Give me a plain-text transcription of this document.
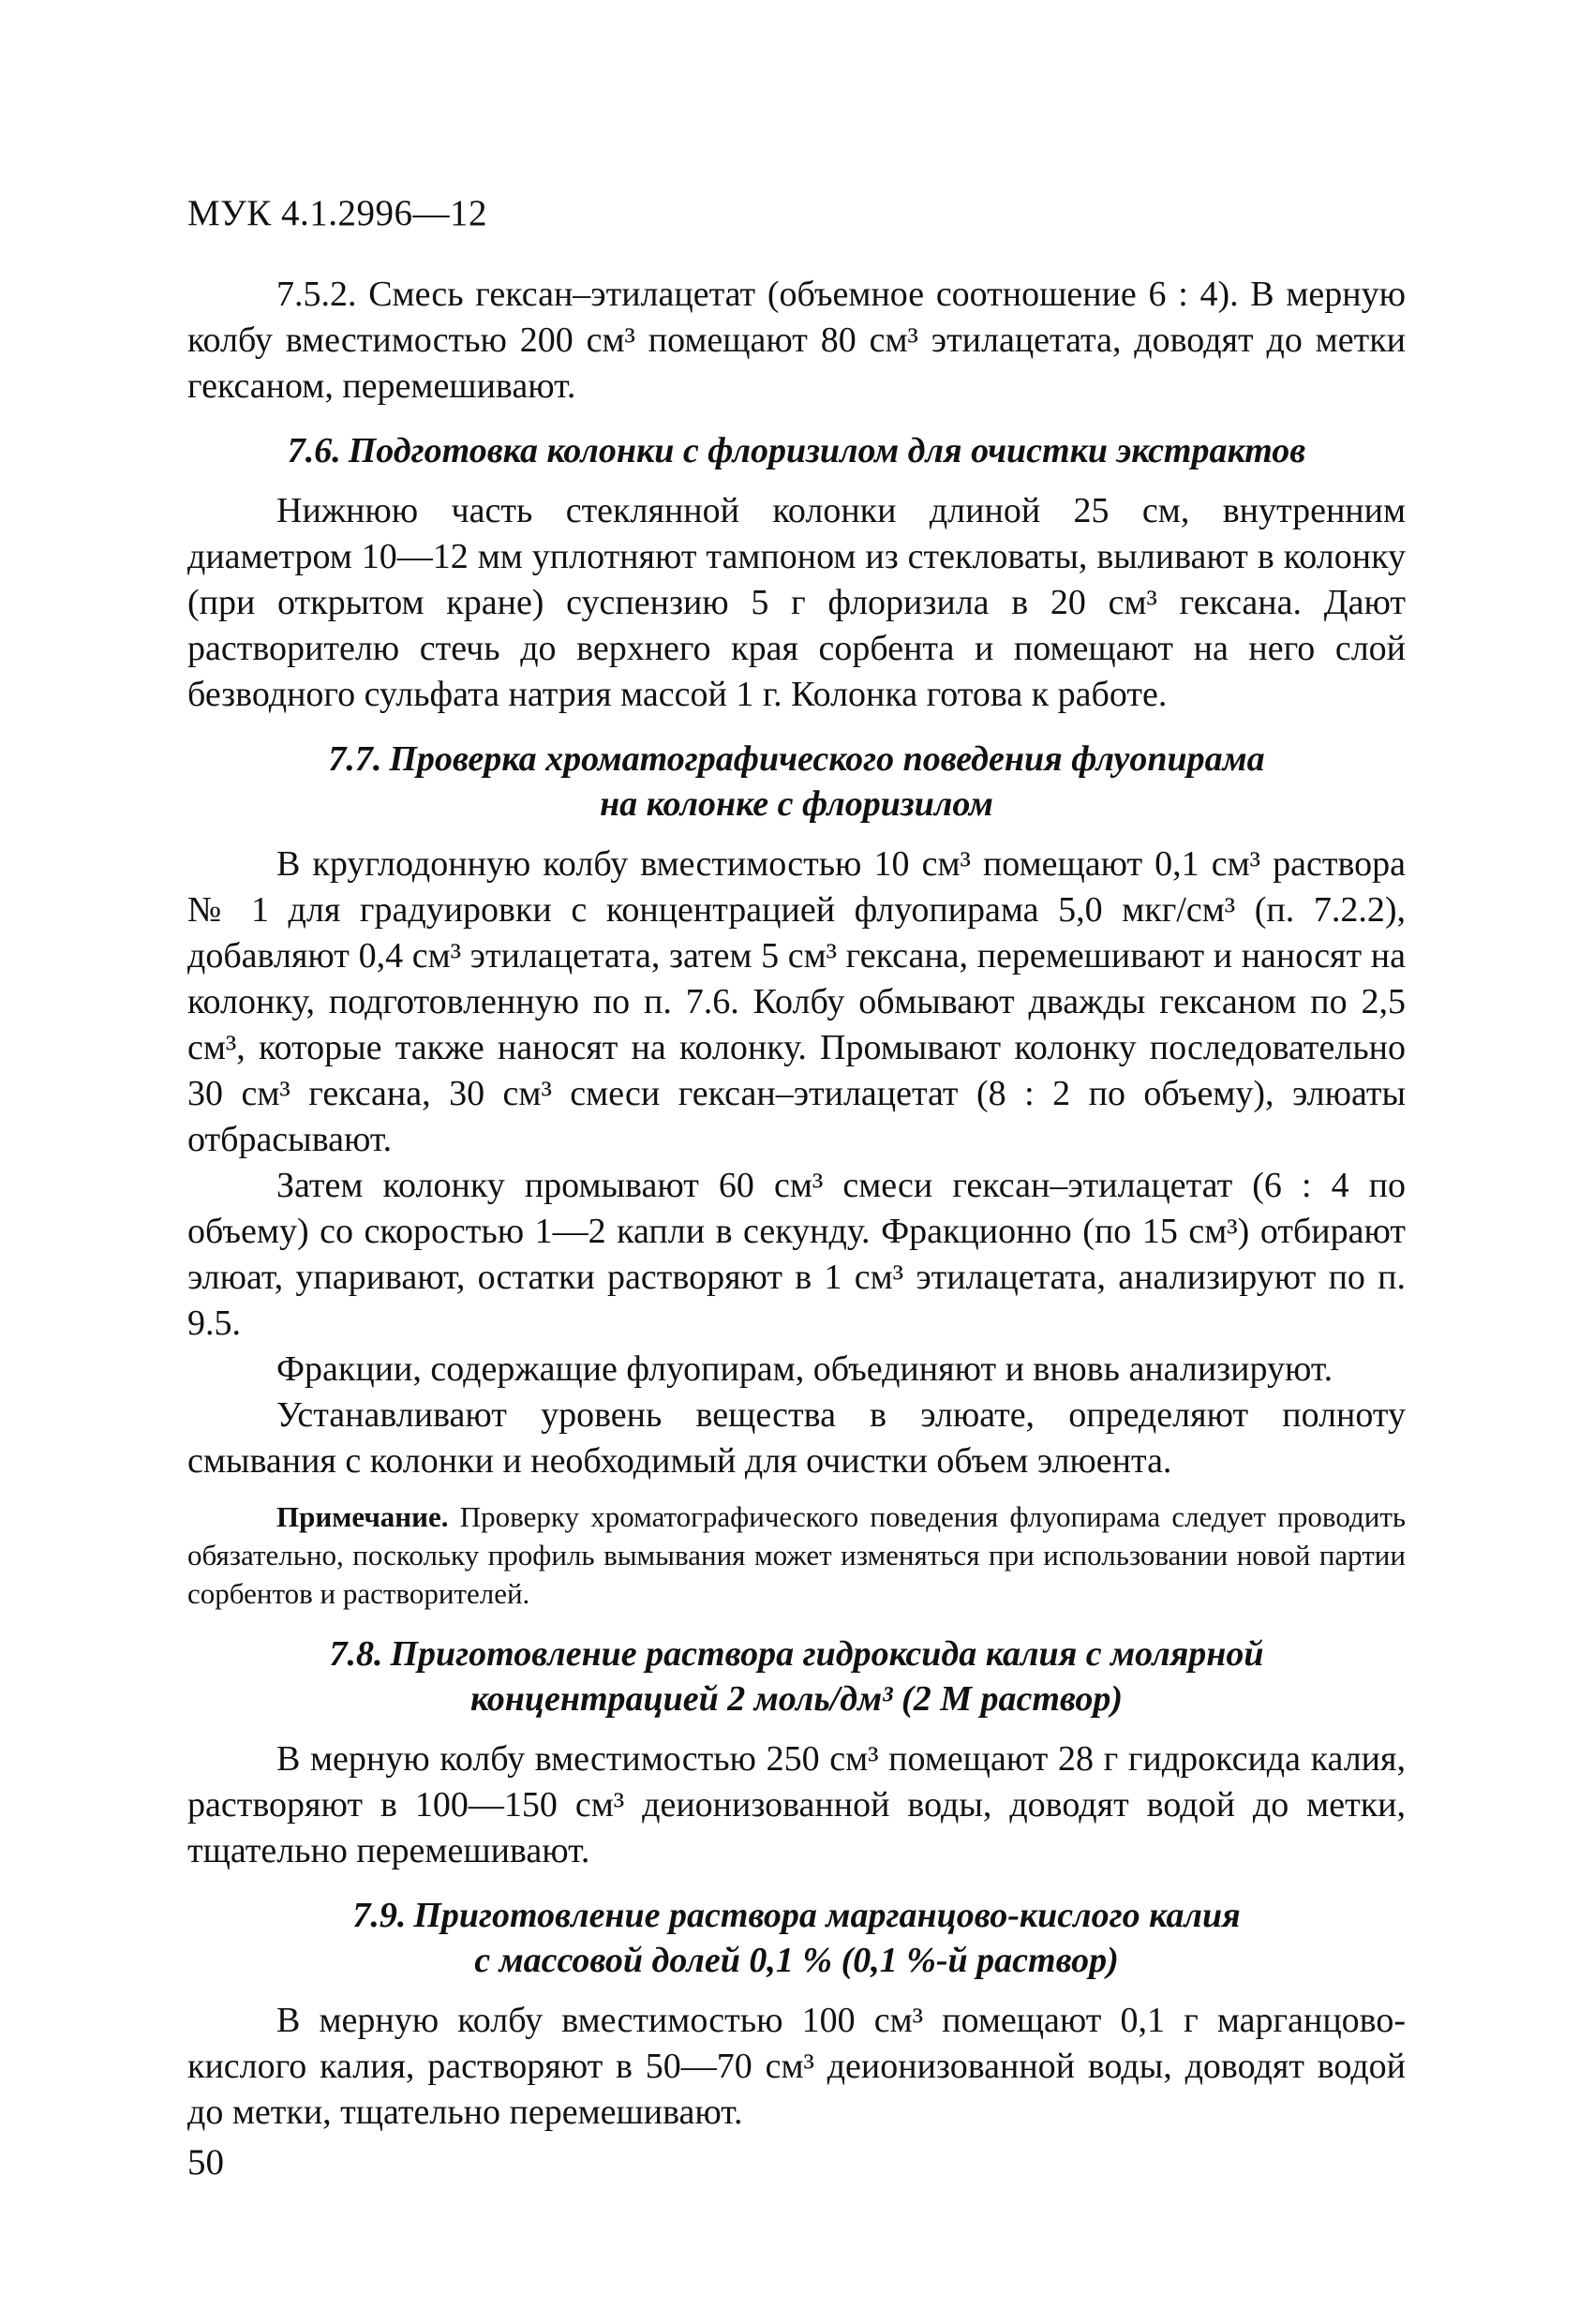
МУК 4.1.2996—12

7.5.2. Смесь гексан–этилацетат (объемное соотношение 6 : 4). В мерную колбу вместимостью 200 см³ помещают 80 см³ этилацетата, доводят до метки гексаном, перемешивают.

7.6. Подготовка колонки с флоризилом для очистки экстрактов

Нижнюю часть стеклянной колонки длиной 25 см, внутренним диаметром 10—12 мм уплотняют тампоном из стекловаты, выливают в колонку (при открытом кране) суспензию 5 г флоризила в 20 см³ гексана. Дают растворителю стечь до верхнего края сорбента и помещают на него слой безводного сульфата натрия массой 1 г. Колонка готова к работе.

7.7. Проверка хроматографического поведения флуопирама
на колонке с флоризилом

В круглодонную колбу вместимостью 10 см³ помещают 0,1 см³ раствора № 1 для градуировки с концентрацией флуопирама 5,0 мкг/см³ (п. 7.2.2), добавляют 0,4 см³ этилацетата, затем 5 см³ гексана, перемешивают и наносят на колонку, подготовленную по п. 7.6. Колбу обмывают дважды гексаном по 2,5 см³, которые также наносят на колонку. Промывают колонку последовательно 30 см³ гексана, 30 см³ смеси гексан–этилацетат (8 : 2 по объему), элюаты отбрасывают.

Затем колонку промывают 60 см³ смеси гексан–этилацетат (6 : 4 по объему) со скоростью 1—2 капли в секунду. Фракционно (по 15 см³) отбирают элюат, упаривают, остатки растворяют в 1 см³ этилацетата, анализируют по п. 9.5.

Фракции, содержащие флуопирам, объединяют и вновь анализируют.

Устанавливают уровень вещества в элюате, определяют полноту смывания с колонки и необходимый для очистки объем элюента.

Примечание. Проверку хроматографического поведения флуопирама следует проводить обязательно, поскольку профиль вымывания может изменяться при использовании новой партии сорбентов и растворителей.

7.8. Приготовление раствора гидроксида калия с молярной
концентрацией 2 моль/дм³ (2 М раствор)

В мерную колбу вместимостью 250 см³ помещают 28 г гидроксида калия, растворяют в 100—150 см³ деионизованной воды, доводят водой до метки, тщательно перемешивают.

7.9. Приготовление раствора марганцово-кислого калия
с массовой долей 0,1 % (0,1 %-й раствор)

В мерную колбу вместимостью 100 см³ помещают 0,1 г марганцово-кислого калия, растворяют в 50—70 см³ деионизованной воды, доводят водой до метки, тщательно перемешивают.

50
